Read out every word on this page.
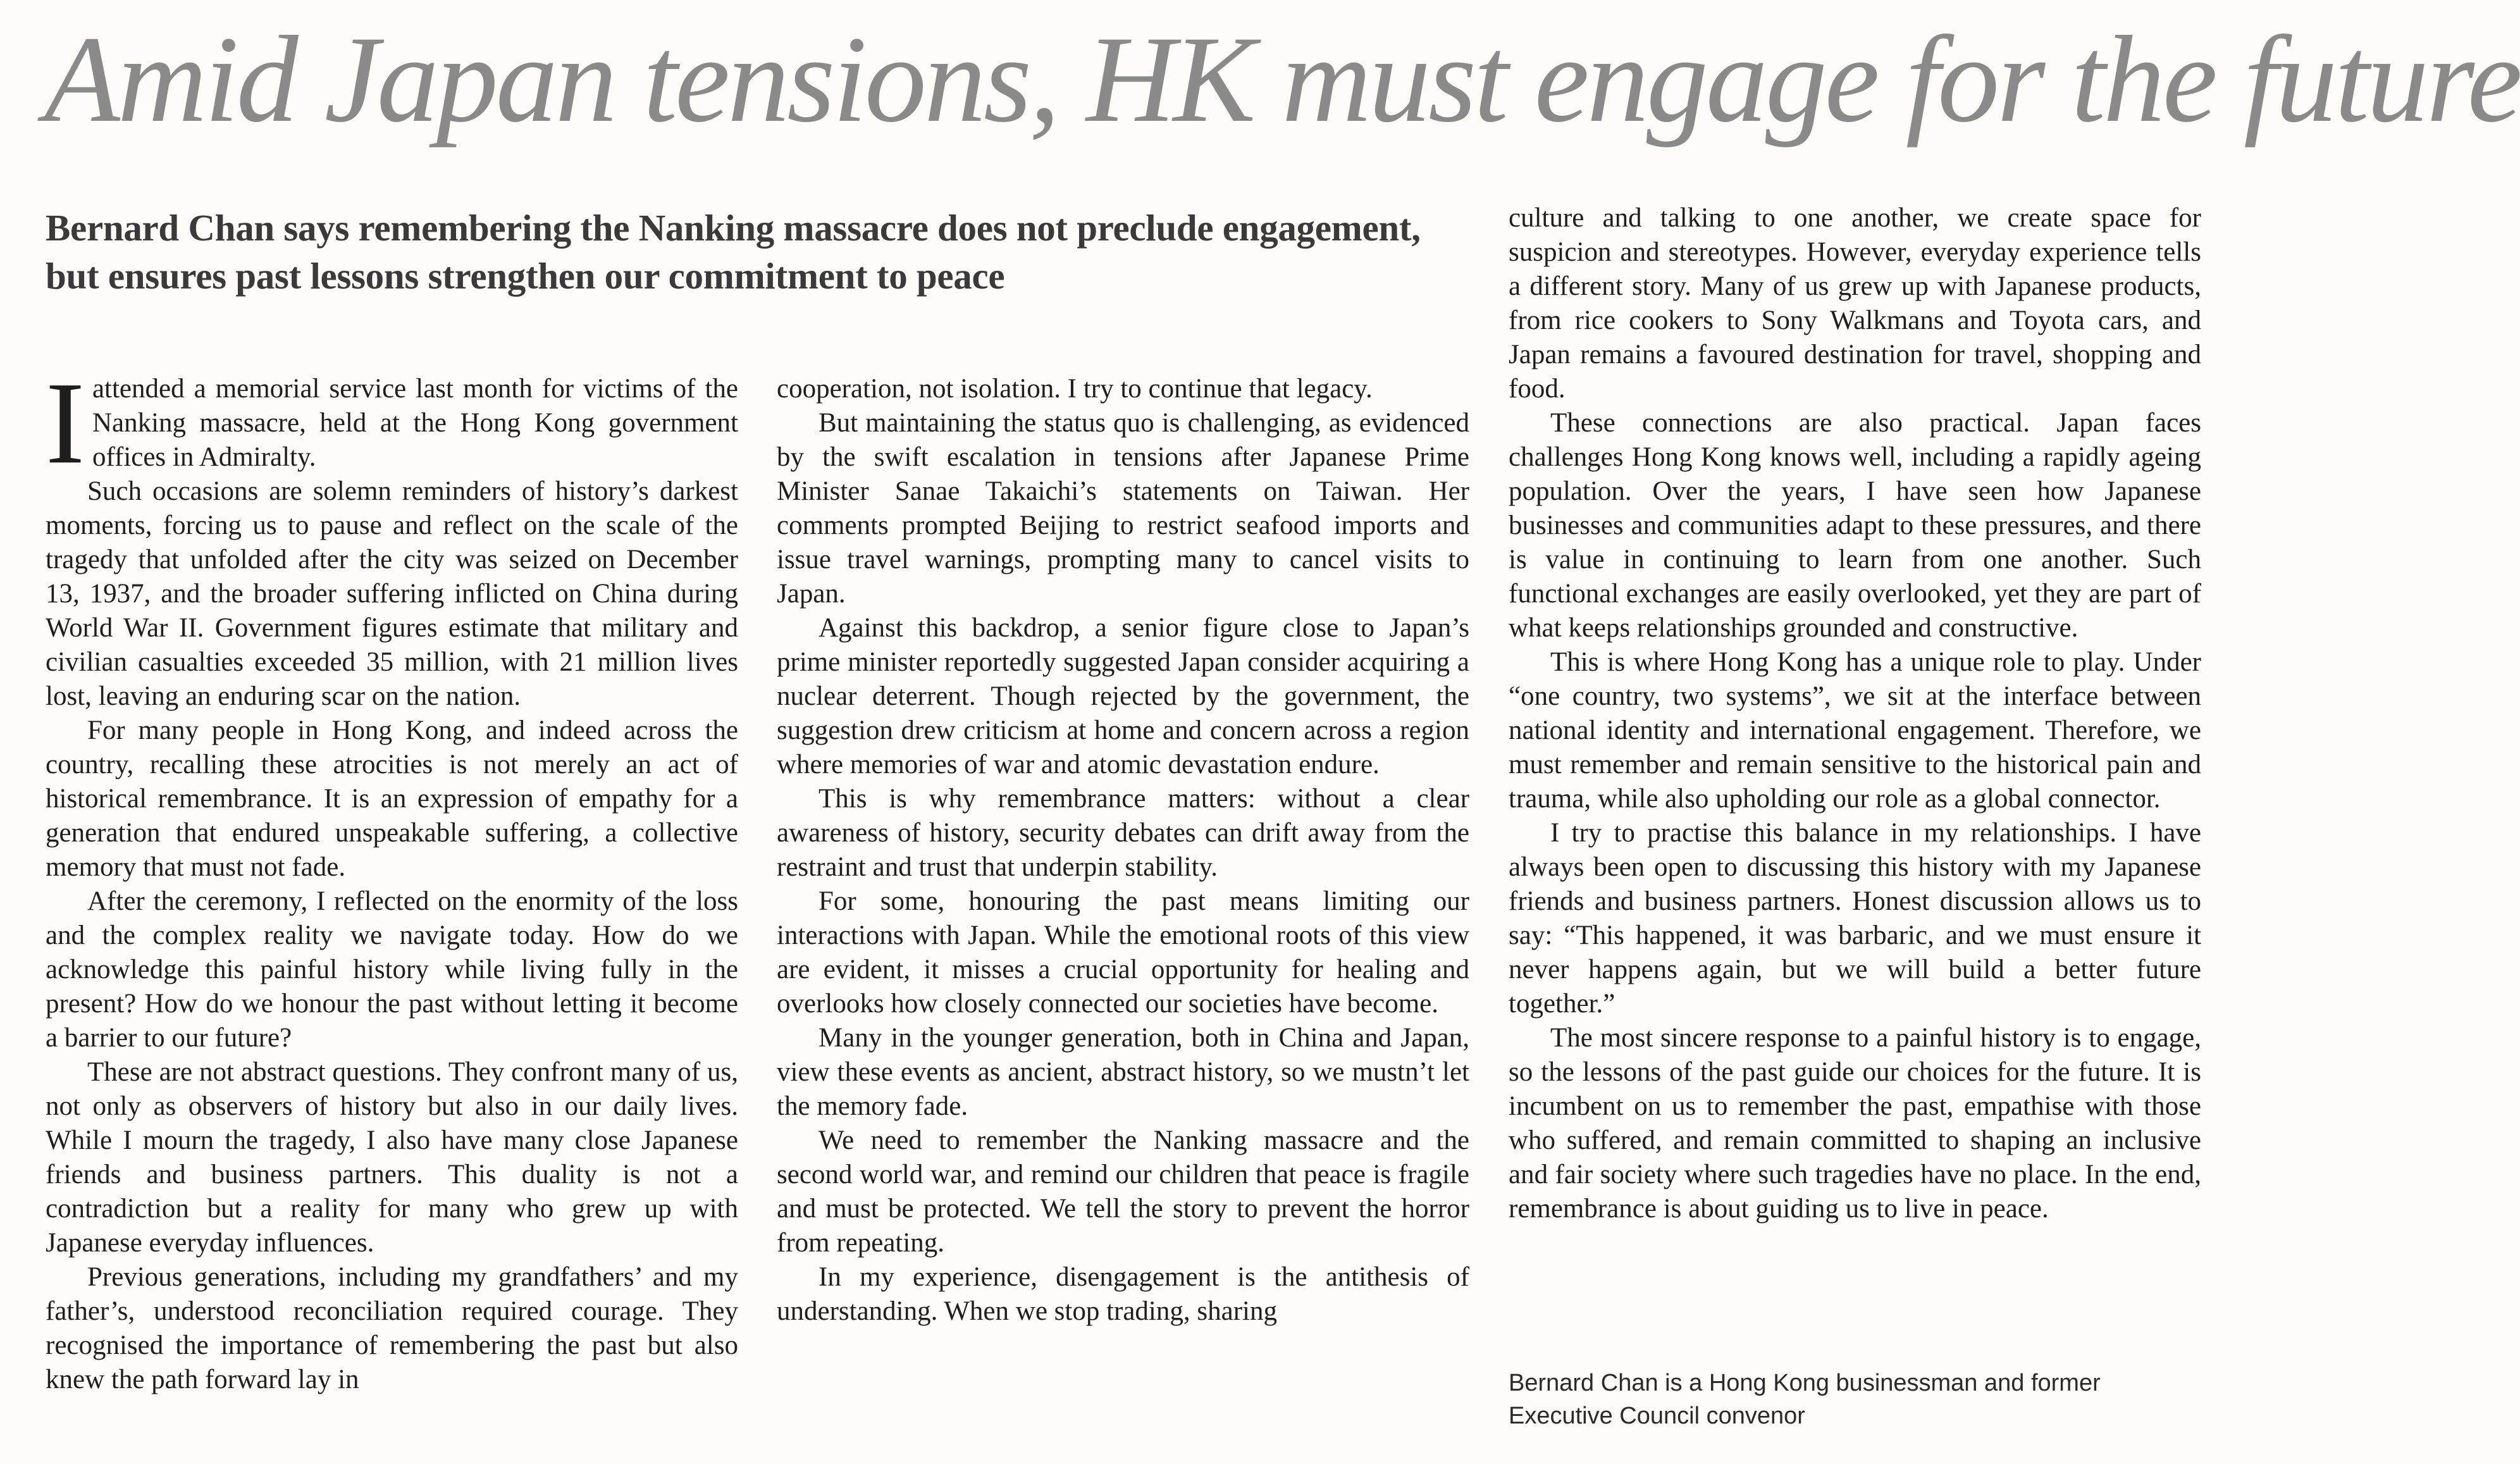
Amid Japan tensions, HK must engage for the future
Bernard Chan says remembering the Nanking massacre does not preclude engagement, but ensures past lessons strengthen our commitment to peace

Iattended a memorial service last month for victims of the Nanking massacre, held at the Hong Kong government offices in Admiralty.

Such occasions are solemn reminders of history’s darkest moments, forcing us to pause and reflect on the scale of the tragedy that unfolded after the city was seized on December 13, 1937, and the broader suffering inflicted on China during World War II. Government figures estimate that military and civilian casualties exceeded 35 million, with 21 million lives lost, leaving an enduring scar on the nation.

For many people in Hong Kong, and indeed across the country, recalling these atrocities is not merely an act of historical remembrance. It is an expression of empathy for a generation that endured unspeakable suffering, a collective memory that must not fade.

After the ceremony, I reflected on the enormity of the loss and the complex reality we navigate today. How do we acknowledge this painful history while living fully in the present? How do we honour the past without letting it become a barrier to our future?

These are not abstract questions. They confront many of us, not only as observers of history but also in our daily lives. While I mourn the tragedy, I also have many close Japanese friends and business partners. This duality is not a contradiction but a reality for many who grew up with Japanese everyday influences.

Previous generations, including my grandfathers’ and my father’s, understood reconciliation required courage. They recognised the importance of remembering the past but also knew the path forward lay in

cooperation, not isolation. I try to continue that legacy.

But maintaining the status quo is challenging, as evidenced by the swift escalation in tensions after Japanese Prime Minister Sanae Takaichi’s statements on Taiwan. Her comments prompted Beijing to restrict seafood imports and issue travel warnings, prompting many to cancel visits to Japan.

Against this backdrop, a senior figure close to Japan’s prime minister reportedly suggested Japan consider acquiring a nuclear deterrent. Though rejected by the government, the suggestion drew criticism at home and concern across a region where memories of war and atomic devastation endure.

This is why remembrance matters: without a clear awareness of history, security debates can drift away from the restraint and trust that underpin stability.

For some, honouring the past means limiting our interactions with Japan. While the emotional roots of this view are evident, it misses a crucial opportunity for healing and overlooks how closely connected our societies have become.

Many in the younger generation, both in China and Japan, view these events as ancient, abstract history, so we mustn’t let the memory fade.

We need to remember the Nanking massacre and the second world war, and remind our children that peace is fragile and must be protected. We tell the story to prevent the horror from repeating.

In my experience, disengagement is the antithesis of understanding. When we stop trading, sharing

culture and talking to one another, we create space for suspicion and stereotypes. However, everyday experience tells a different story. Many of us grew up with Japanese products, from rice cookers to Sony Walkmans and Toyota cars, and Japan remains a favoured destination for travel, shopping and food.

These connections are also practical. Japan faces challenges Hong Kong knows well, including a rapidly ageing population. Over the years, I have seen how Japanese businesses and communities adapt to these pressures, and there is value in continuing to learn from one another. Such functional exchanges are easily overlooked, yet they are part of what keeps relationships grounded and constructive.

This is where Hong Kong has a unique role to play. Under “one country, two systems”, we sit at the interface between national identity and international engagement. Therefore, we must remember and remain sensitive to the historical pain and trauma, while also upholding our role as a global connector.

I try to practise this balance in my relationships. I have always been open to discussing this history with my Japanese friends and business partners. Honest discussion allows us to say: “This happened, it was barbaric, and we must ensure it never happens again, but we will build a better future together.”

The most sincere response to a painful history is to engage, so the lessons of the past guide our choices for the future. It is incumbent on us to remember the past, empathise with those who suffered, and remain committed to shaping an inclusive and fair society where such tragedies have no place. In the end, remembrance is about guiding us to live in peace.

Bernard Chan is a Hong Kong businessman and former Executive Council convenor
